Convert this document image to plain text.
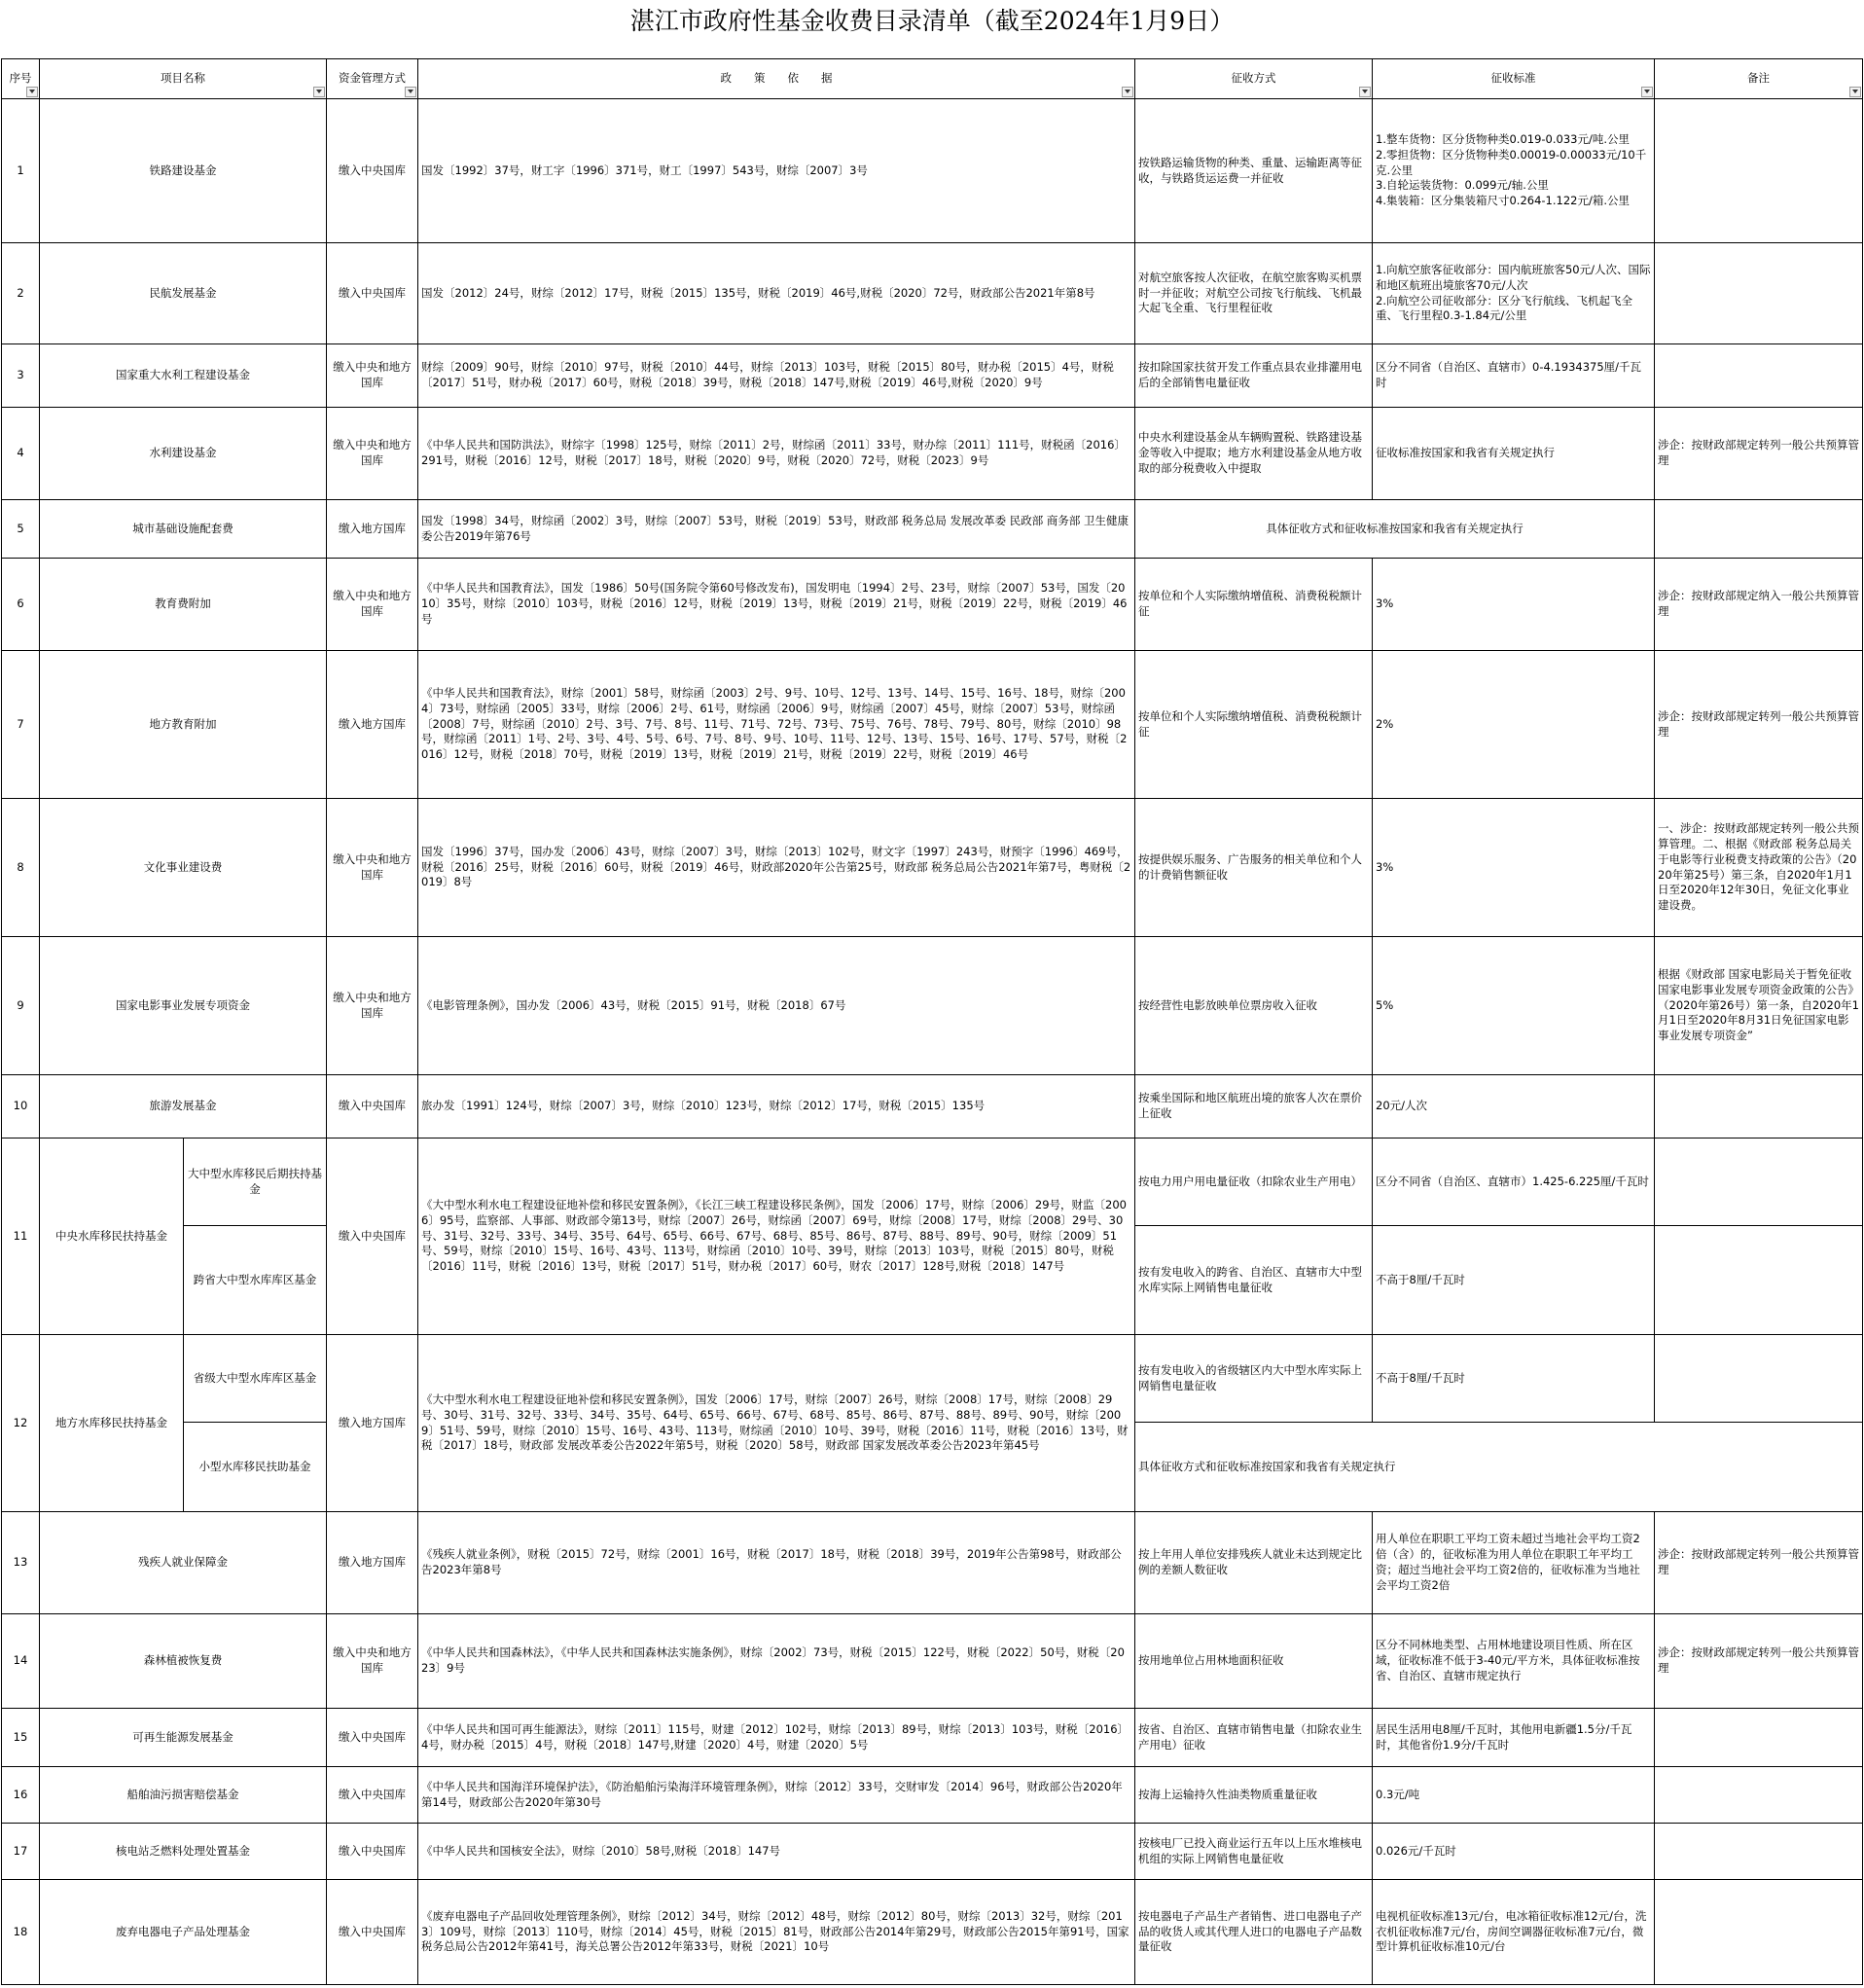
湛江市政府性基金收费目录清单（截至2024年1月9日）
序号	项目名称		资金管理方式	政　　策　　依　　据	征收方式	征收标准	备注

1	铁路建设基金		缴入中央国库	国发〔1992〕37号，财工字〔1996〕371号，财工〔1997〕543号，财综〔2007〕3号	按铁路运输货物的种类、重量、运输距离等征收，与铁路货运运费一并征收	1.整车货物：区分货物种类0.019-0.033元/吨.公里
2.零担货物：区分货物种类0.00019-0.00033元/10千克.公里
3.自轮运装货物：0.099元/轴.公里
4.集装箱：区分集装箱尺寸0.264-1.122元/箱.公里	
2	民航发展基金		缴入中央国库	国发〔2012〕24号，财综〔2012〕17号，财税〔2015〕135号，财税〔2019〕46号,财税〔2020〕72号，财政部公告2021年第8号	对航空旅客按人次征收，在航空旅客购买机票时一并征收；对航空公司按飞行航线、飞机最大起飞全重、飞行里程征收	1.向航空旅客征收部分：国内航班旅客50元/人次、国际和地区航班出境旅客70元/人次
2.向航空公司征收部分：区分飞行航线、飞机起飞全重、飞行里程0.3-1.84元/公里	
3	国家重大水利工程建设基金		缴入中央和地方国库	财综〔2009〕90号，财综〔2010〕97号，财税〔2010〕44号，财综〔2013〕103号，财税〔2015〕80号，财办税〔2015〕4号，财税〔2017〕51号，财办税〔2017〕60号，财税〔2018〕39号，财税〔2018〕147号,财税〔2019〕46号,财税〔2020〕9号	按扣除国家扶贫开发工作重点县农业排灌用电后的全部销售电量征收	区分不同省（自治区、直辖市）0-4.1934375厘/千瓦时	
4	水利建设基金		缴入中央和地方国库	《中华人民共和国防洪法》，财综字〔1998〕125号，财综〔2011〕2号，财综函〔2011〕33号，财办综〔2011〕111号，财税函〔2016〕291号，财税〔2016〕12号，财税〔2017〕18号，财税〔2020〕9号，财税〔2020〕72号，财税〔2023〕9号	中央水利建设基金从车辆购置税、铁路建设基金等收入中提取；地方水利建设基金从地方收取的部分税费收入中提取	征收标准按国家和我省有关规定执行	涉企：按财政部规定转列一般公共预算管理
5	城市基础设施配套费		缴入地方国库	国发〔1998〕34号，财综函〔2002〕3号，财综〔2007〕53号，财税〔2019〕53号，财政部 税务总局 发展改革委 民政部 商务部 卫生健康委公告2019年第76号	具体征收方式和征收标准按国家和我省有关规定执行		
6	教育费附加		缴入中央和地方国库	《中华人民共和国教育法》，国发〔1986〕50号(国务院令第60号修改发布)，国发明电〔1994〕2号、23号，财综〔2007〕53号，国发〔2010〕35号，财综〔2010〕103号，财税〔2016〕12号，财税〔2019〕13号，财税〔2019〕21号，财税〔2019〕22号，财税〔2019〕46号	按单位和个人实际缴纳增值税、消费税税额计征	3%	涉企：按财政部规定纳入一般公共预算管理
7	地方教育附加		缴入地方国库	《中华人民共和国教育法》，财综〔2001〕58号，财综函〔2003〕2号、9号、10号、12号、13号、14号、15号、16号、18号，财综〔2004〕73号，财综函〔2005〕33号，财综〔2006〕2号、61号，财综函〔2006〕9号，财综函〔2007〕45号，财综〔2007〕53号，财综函〔2008〕7号，财综函〔2010〕2号、3号、7号、8号、11号、71号、72号、73号、75号、76号、78号、79号、80号，财综〔2010〕98号，财综函〔2011〕1号、2号、3号、4号、5号、6号、7号、8号、9号、10号、11号、12号、13号、15号、16号、17号、57号，财税〔2016〕12号，财税〔2018〕70号，财税〔2019〕13号，财税〔2019〕21号，财税〔2019〕22号，财税〔2019〕46号	按单位和个人实际缴纳增值税、消费税税额计征	2%	涉企：按财政部规定转列一般公共预算管理
8	文化事业建设费		缴入中央和地方国库	国发〔1996〕37号，国办发〔2006〕43号，财综〔2007〕3号，财综〔2013〕102号，财文字〔1997〕243号，财预字〔1996〕469号，财税〔2016〕25号，财税〔2016〕60号，财税〔2019〕46号，财政部2020年公告第25号，财政部 税务总局公告2021年第7号，粤财税〔2019〕8号	按提供娱乐服务、广告服务的相关单位和个人的计费销售额征收	3%	一、涉企：按财政部规定转列一般公共预算管理。二、根据《财政部 税务总局关于电影等行业税费支持政策的公告》（2020年第25号）第三条，自2020年1月1日至2020年12年30日，免征文化事业建设费。
9	国家电影事业发展专项资金		缴入中央和地方国库	《电影管理条例》，国办发〔2006〕43号，财税〔2015〕91号，财税〔2018〕67号	按经营性电影放映单位票房收入征收	5%	根据《财政部 国家电影局关于暂免征收国家电影事业发展专项资金政策的公告》（2020年第26号）第一条，自2020年1月1日至2020年8月31日免征国家电影事业发展专项资金”
10	旅游发展基金		缴入中央国库	旅办发〔1991〕124号，财综〔2007〕3号，财综〔2010〕123号，财综〔2012〕17号，财税〔2015〕135号	按乘坐国际和地区航班出境的旅客人次在票价上征收	20元/人次	
11	中央水库移民扶持基金	大中型水库移民后期扶持基金	缴入中央国库	《大中型水利水电工程建设征地补偿和移民安置条例》，《长江三峡工程建设移民条例》，国发〔2006〕17号，财综〔2006〕29号，财监〔2006〕95号，监察部、人事部、财政部令第13号，财综〔2007〕26号，财综函〔2007〕69号，财综〔2008〕17号，财综〔2008〕29号、30号、31号、32号、33号、34号、35号、64号、65号、66号、67号、68号、85号、86号、87号、88号、89号、90号，财综〔2009〕51号、59号，财综〔2010〕15号、16号、43号、113号，财综函〔2010〕10号、39号，财综〔2013〕103号，财税〔2015〕80号，财税〔2016〕11号，财税〔2016〕13号，财税〔2017〕51号，财办税〔2017〕60号，财农〔2017〕128号,财税〔2018〕147号	按电力用户用电量征收（扣除农业生产用电）	区分不同省（自治区、直辖市）1.425-6.225厘/千瓦时	
		跨省大中型水库库区基金			按有发电收入的跨省、自治区、直辖市大中型水库实际上网销售电量征收	不高于8厘/千瓦时	
12	地方水库移民扶持基金	省级大中型水库库区基金	缴入地方国库	《大中型水利水电工程建设征地补偿和移民安置条例》，国发〔2006〕17号，财综〔2007〕26号，财综〔2008〕17号，财综〔2008〕29号、30号、31号、32号、33号、34号、35号、64号、65号、66号、67号、68号、85号、86号、87号、88号、89号、90号，财综〔2009〕51号、59号，财综〔2010〕15号、16号、43号、113号，财综函〔2010〕10号、39号，财税〔2016〕11号，财税〔2016〕13号，财税〔2017〕18号，财政部 发展改革委公告2022年第5号，财税〔2020〕58号，财政部 国家发展改革委公告2023年第45号	按有发电收入的省级辖区内大中型水库实际上网销售电量征收	不高于8厘/千瓦时	
		小型水库移民扶助基金			具体征收方式和征收标准按国家和我省有关规定执行		
13	残疾人就业保障金		缴入地方国库	《残疾人就业条例》，财税〔2015〕72号，财综〔2001〕16号，财税〔2017〕18号，财税〔2018〕39号，2019年公告第98号，财政部公告2023年第8号	按上年用人单位安排残疾人就业未达到规定比例的差额人数征收	用人单位在职职工平均工资未超过当地社会平均工资2倍（含）的，征收标准为用人单位在职职工年平均工资；超过当地社会平均工资2倍的，征收标准为当地社会平均工资2倍	涉企：按财政部规定转列一般公共预算管理
14	森林植被恢复费		缴入中央和地方国库	《中华人民共和国森林法》，《中华人民共和国森林法实施条例》，财综〔2002〕73号，财税〔2015〕122号，财税〔2022〕50号，财税〔2023〕9号	按用地单位占用林地面积征收	区分不同林地类型、占用林地建设项目性质、所在区域，征收标准不低于3-40元/平方米，具体征收标准按省、自治区、直辖市规定执行	涉企：按财政部规定转列一般公共预算管理
15	可再生能源发展基金		缴入中央国库	《中华人民共和国可再生能源法》，财综〔2011〕115号，财建〔2012〕102号，财综〔2013〕89号，财综〔2013〕103号，财税〔2016〕4号，财办税〔2015〕4号，财税〔2018〕147号,财建〔2020〕4号，财建〔2020〕5号	按省、自治区、直辖市销售电量（扣除农业生产用电）征收	居民生活用电8厘/千瓦时，其他用电新疆1.5分/千瓦时，其他省份1.9分/千瓦时	
16	船舶油污损害赔偿基金		缴入中央国库	《中华人民共和国海洋环境保护法》，《防治船舶污染海洋环境管理条例》，财综〔2012〕33号，交财审发〔2014〕96号，财政部公告2020年第14号，财政部公告2020年第30号	按海上运输持久性油类物质重量征收	0.3元/吨	
17	核电站乏燃料处理处置基金		缴入中央国库	《中华人民共和国核安全法》，财综〔2010〕58号,财税〔2018〕147号	按核电厂已投入商业运行五年以上压水堆核电机组的实际上网销售电量征收	0.026元/千瓦时	
18	废弃电器电子产品处理基金		缴入中央国库	《废弃电器电子产品回收处理管理条例》，财综〔2012〕34号，财综〔2012〕48号，财综〔2012〕80号，财综〔2013〕32号，财综〔2013〕109号，财综〔2013〕110号，财综〔2014〕45号，财税〔2015〕81号，财政部公告2014年第29号，财政部公告2015年第91号，国家税务总局公告2012年第41号，海关总署公告2012年第33号，财税〔2021〕10号	按电器电子产品生产者销售、进口电器电子产品的收货人或其代理人进口的电器电子产品数量征收	电视机征收标准13元/台，电冰箱征收标准12元/台，洗衣机征收标准7元/台，房间空调器征收标准7元/台，微型计算机征收标准10元/台	
